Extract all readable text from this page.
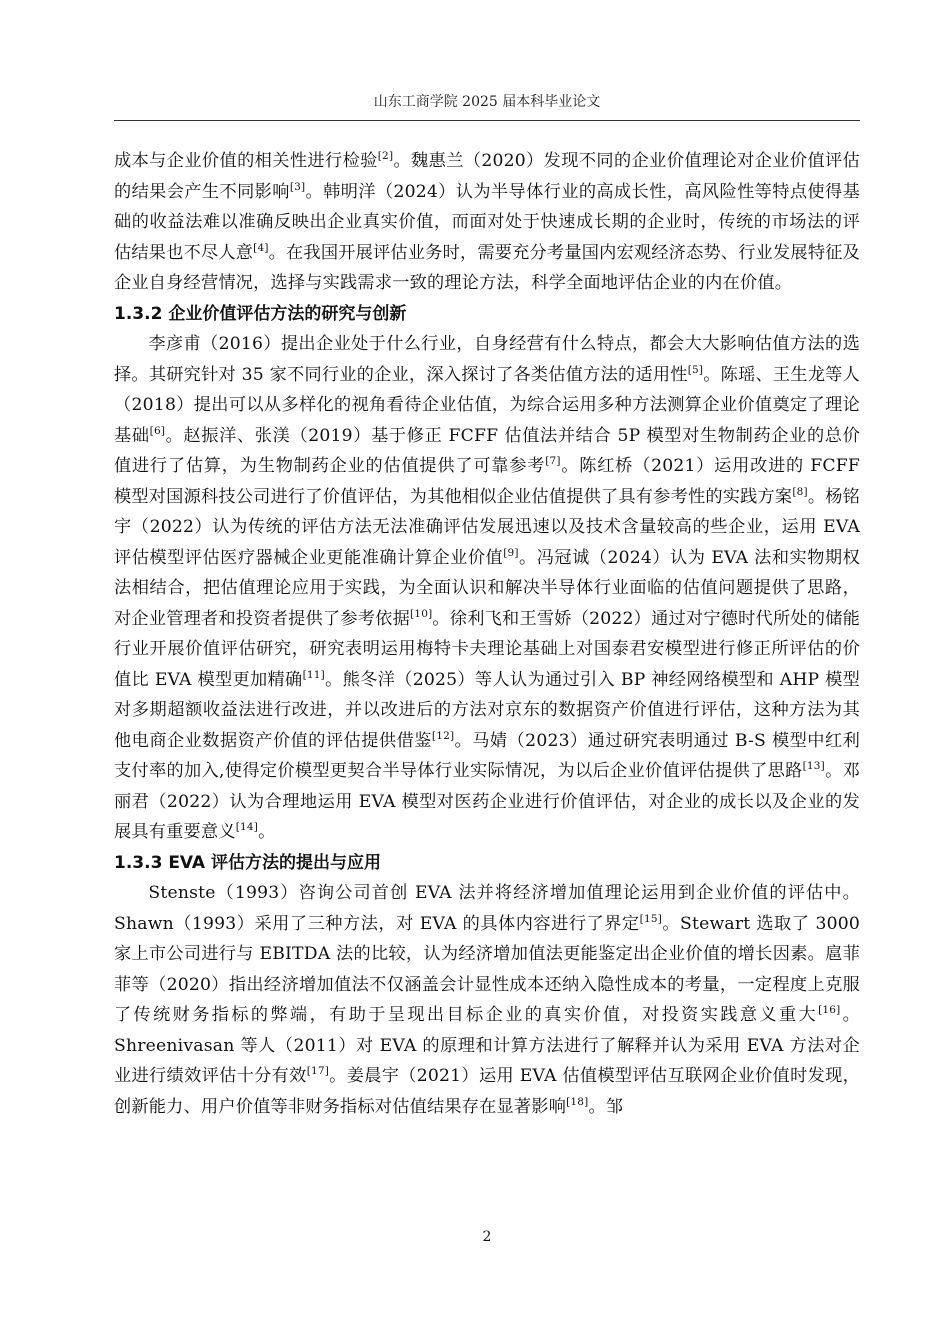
山东工商学院 2025 届本科毕业论文

成本与企业价值的相关性进行检验[2]。魏惠兰（2020）发现不同的企业价值理论对企业价值评估的结果会产生不同影响[3]。韩明洋（2024）认为半导体行业的高成长性，高风险性等特点使得基础的收益法难以准确反映出企业真实价值，而面对处于快速成长期的企业时，传统的市场法的评估结果也不尽人意[4]。在我国开展评估业务时，需要充分考量国内宏观经济态势、行业发展特征及企业自身经营情况，选择与实践需求一致的理论方法，科学全面地评估企业的内在价值。

1.3.2 企业价值评估方法的研究与创新

李彦甫（2016）提出企业处于什么行业，自身经营有什么特点，都会大大影响估值方法的选择。其研究针对 35 家不同行业的企业，深入探讨了各类估值方法的适用性[5]。陈瑶、王生龙等人（2018）提出可以从多样化的视角看待企业估值，为综合运用多种方法测算企业价值奠定了理论基础[6]。赵振洋、张渼（2019）基于修正 FCFF 估值法并结合 5P 模型对生物制药企业的总价值进行了估算，为生物制药企业的估值提供了可靠参考[7]。陈红桥（2021）运用改进的 FCFF 模型对国源科技公司进行了价值评估，为其他相似企业估值提供了具有参考性的实践方案[8]。杨铭宇（2022）认为传统的评估方法无法准确评估发展迅速以及技术含量较高的些企业，运用 EVA 评估模型评估医疗器械企业更能准确计算企业价值[9]。冯冠诚（2024）认为 EVA 法和实物期权法相结合，把估值理论应用于实践，为全面认识和解决半导体行业面临的估值问题提供了思路，对企业管理者和投资者提供了参考依据[10]。徐利飞和王雪娇（2022）通过对宁德时代所处的储能行业开展价值评估研究，研究表明运用梅特卡夫理论基础上对国泰君安模型进行修正所评估的价值比 EVA 模型更加精确[11]。熊冬洋（2025）等人认为通过引入 BP 神经网络模型和 AHP 模型对多期超额收益法进行改进，并以改进后的方法对京东的数据资产价值进行评估，这种方法为其他电商企业数据资产价值的评估提供借鉴[12]。马婧（2023）通过研究表明通过 B-S 模型中红利支付率的加入,使得定价模型更契合半导体行业实际情况，为以后企业价值评估提供了思路[13]。邓丽君（2022）认为合理地运用 EVA 模型对医药企业进行价值评估，对企业的成长以及企业的发展具有重要意义[14]。

1.3.3 EVA 评估方法的提出与应用

Stenste（1993）咨询公司首创 EVA 法并将经济增加值理论运用到企业价值的评估中。Shawn（1993）采用了三种方法，对 EVA 的具体内容进行了界定[15]。Stewart 选取了 3000 家上市公司进行与 EBITDA 法的比较，认为经济增加值法更能鉴定出企业价值的增长因素。扈菲菲等（2020）指出经济增加值法不仅涵盖会计显性成本还纳入隐性成本的考量，一定程度上克服了传统财务指标的弊端，有助于呈现出目标企业的真实价值，对投资实践意义重大[16]。Shreenivasan 等人（2011）对 EVA 的原理和计算方法进行了解释并认为采用 EVA 方法对企业进行绩效评估十分有效[17]。姜晨宇（2021）运用 EVA 估值模型评估互联网企业价值时发现，创新能力、用户价值等非财务指标对估值结果存在显著影响[18]。邹

2
